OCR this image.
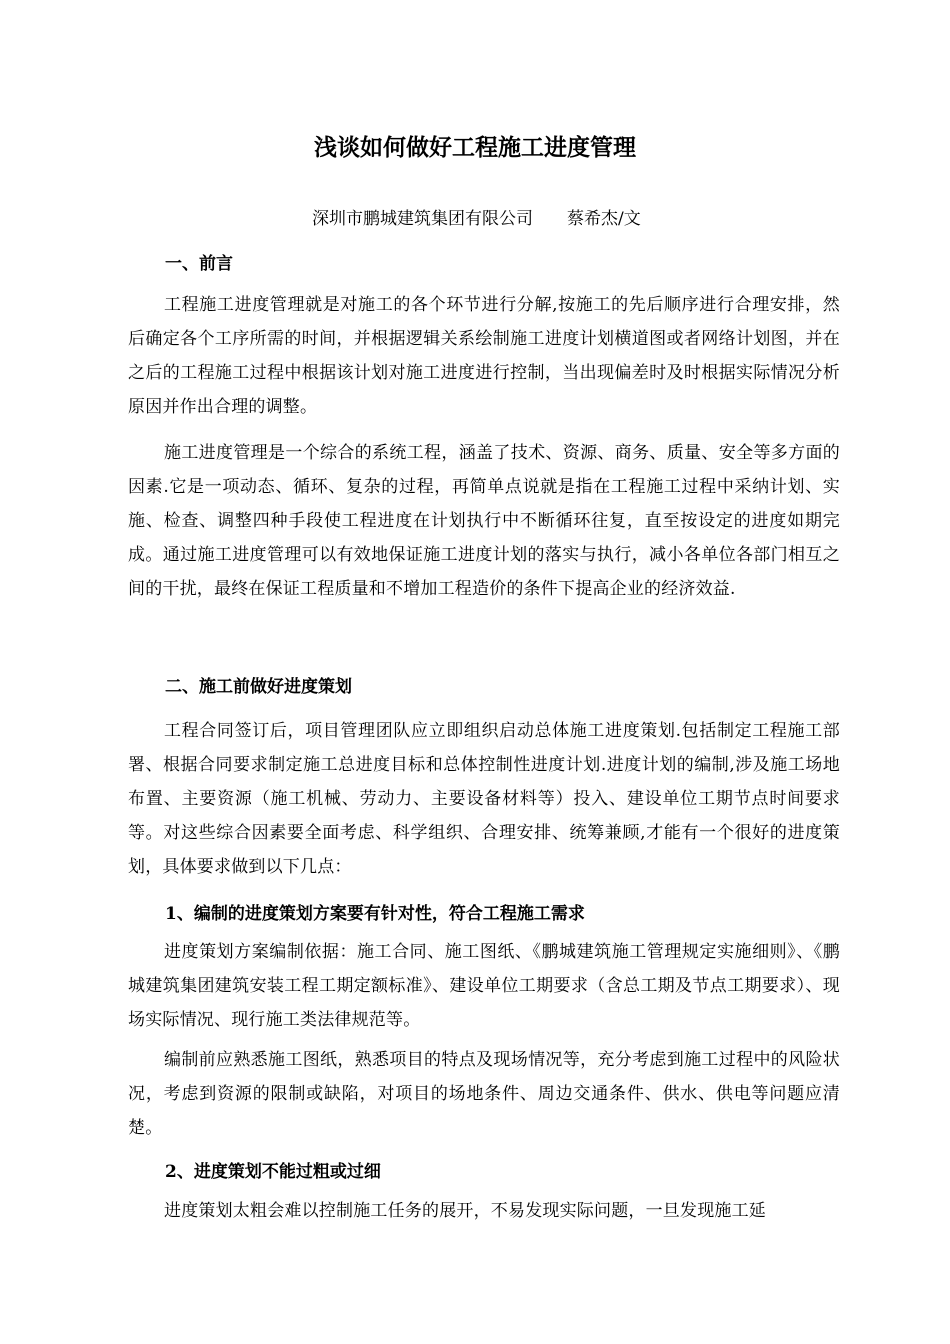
浅谈如何做好工程施工进度管理
深圳市鹏城建筑集团有限公司 蔡希杰/文
一、前言

工程施工进度管理就是对施工的各个环节进行分解,按施工的先后顺序进行合理安排，然后确定各个工序所需的时间，并根据逻辑关系绘制施工进度计划横道图或者网络计划图，并在之后的工程施工过程中根据该计划对施工进度进行控制，当出现偏差时及时根据实际情况分析原因并作出合理的调整。

施工进度管理是一个综合的系统工程，涵盖了技术、资源、商务、质量、安全等多方面的因素.它是一项动态、循环、复杂的过程，再简单点说就是指在工程施工过程中采纳计划、实施、检查、调整四种手段使工程进度在计划执行中不断循环往复，直至按设定的进度如期完成。通过施工进度管理可以有效地保证施工进度计划的落实与执行，减小各单位各部门相互之间的干扰，最终在保证工程质量和不增加工程造价的条件下提高企业的经济效益.

二、施工前做好进度策划

工程合同签订后，项目管理团队应立即组织启动总体施工进度策划.包括制定工程施工部署、根据合同要求制定施工总进度目标和总体控制性进度计划.进度计划的编制,涉及施工场地布置、主要资源（施工机械、劳动力、主要设备材料等）投入、建设单位工期节点时间要求等。对这些综合因素要全面考虑、科学组织、合理安排、统筹兼顾,才能有一个很好的进度策划，具体要求做到以下几点：

1、编制的进度策划方案要有针对性，符合工程施工需求

进度策划方案编制依据：施工合同、施工图纸、《鹏城建筑施工管理规定实施细则》、《鹏城建筑集团建筑安装工程工期定额标准》、建设单位工期要求（含总工期及节点工期要求）、现场实际情况、现行施工类法律规范等。

编制前应熟悉施工图纸，熟悉项目的特点及现场情况等，充分考虑到施工过程中的风险状况，考虑到资源的限制或缺陷，对项目的场地条件、周边交通条件、供水、供电等问题应清楚。

2、进度策划不能过粗或过细

进度策划太粗会难以控制施工任务的展开，不易发现实际问题，一旦发现施工延
